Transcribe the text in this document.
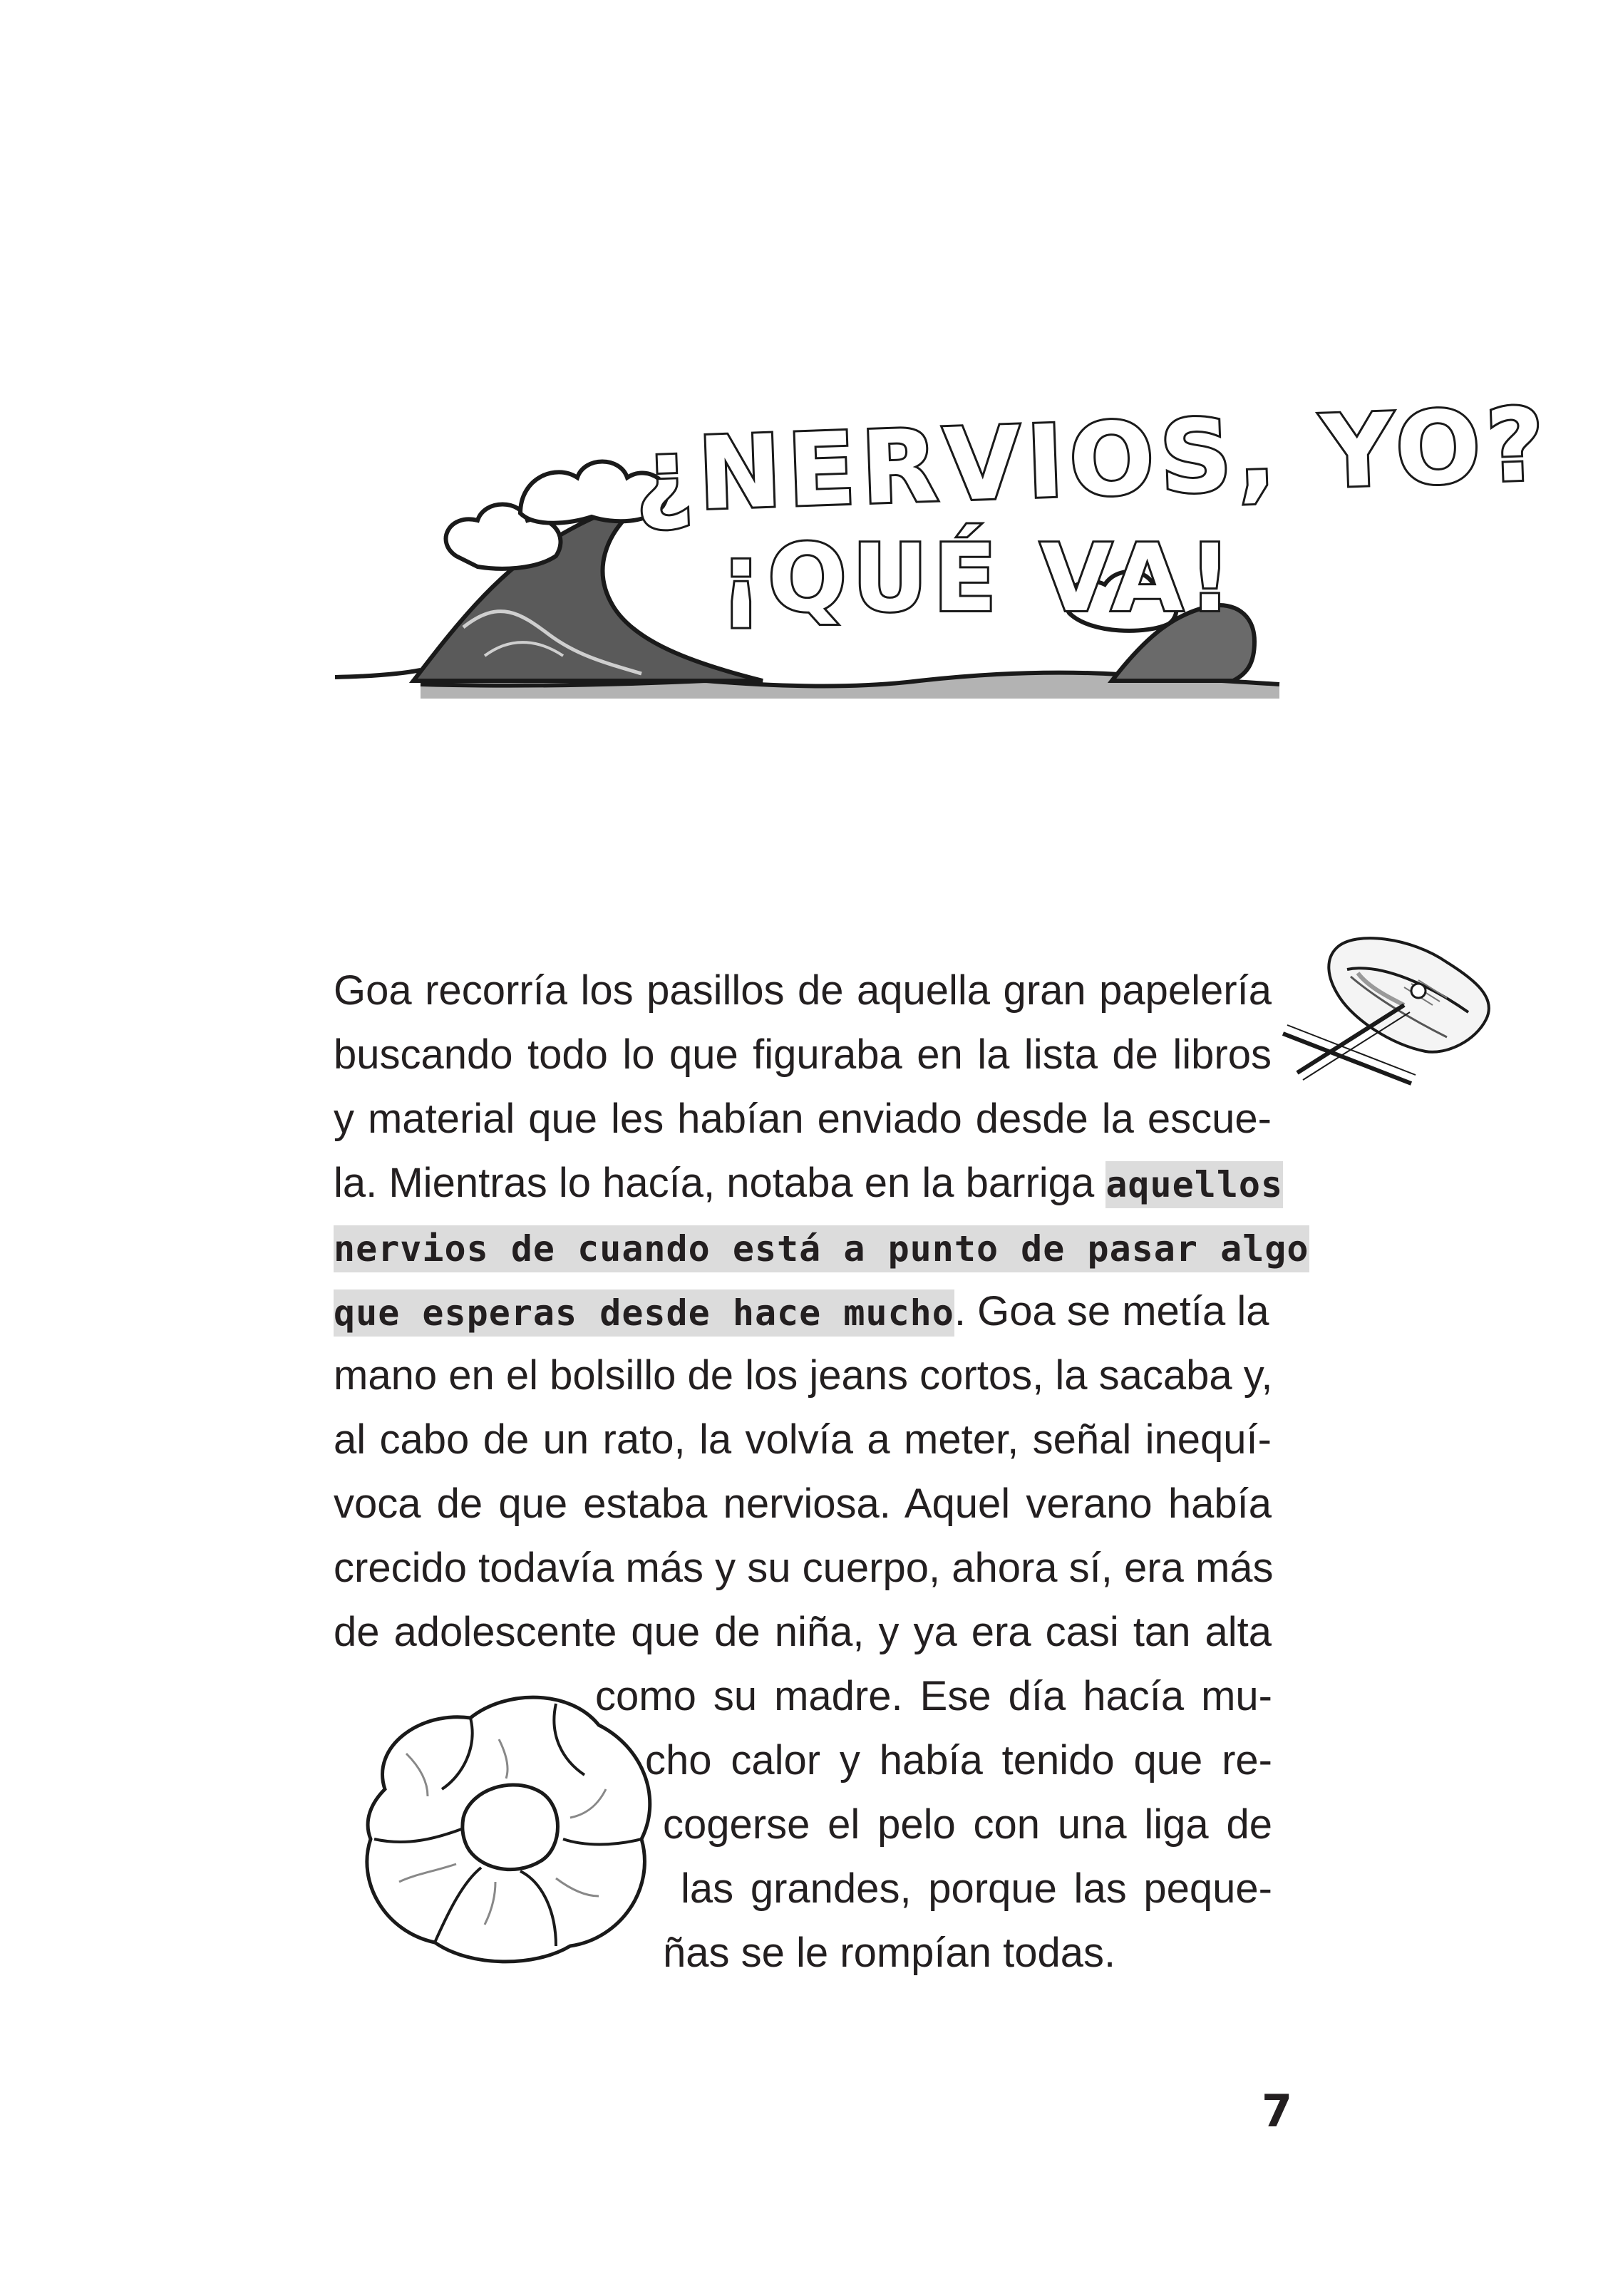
¿NERVIOS, YO?
¡QUÉ VA!
Goa recorría los pasillos de aquella gran papelería
buscando todo lo que figuraba en la lista de libros
y material que les habían enviado desde la escue-
la. Mientras lo hacía, notaba en la barriga aquellos
nervios de cuando está a punto de pasar algo
que esperas desde hace mucho. Goa se metía la
mano en el bolsillo de los jeans cortos, la sacaba y,
al cabo de un rato, la volvía a meter, señal inequí-
voca de que estaba nerviosa. Aquel verano había
crecido todavía más y su cuerpo, ahora sí, era más
de adolescente que de niña, y ya era casi tan alta
como su madre. Ese día hacía mu-
cho calor y había tenido que re-
cogerse el pelo con una liga de
las grandes, porque las peque-
ñas se le rompían todas.
7
